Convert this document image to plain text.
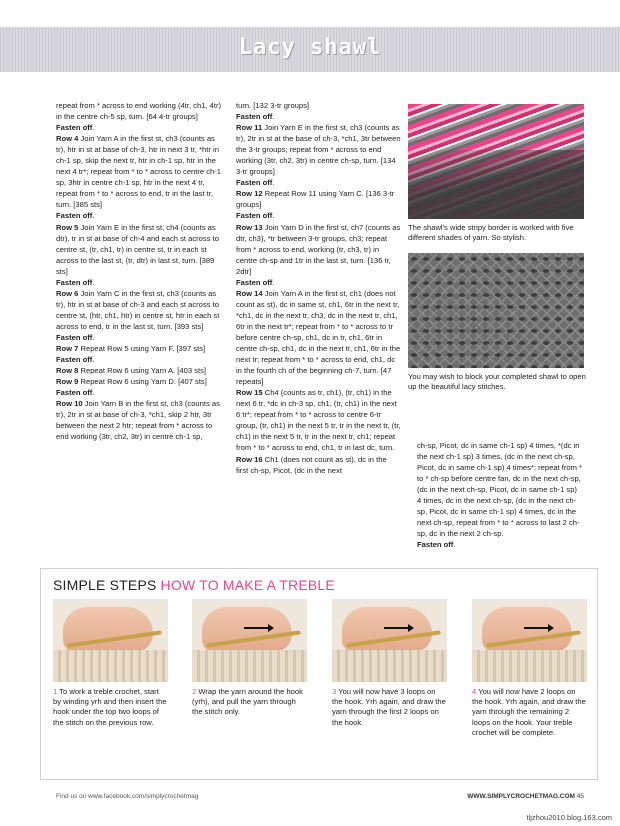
Lacy shawl

repeat from * across to end working (4tr, ch1, 4tr) in the centre ch-5 sp, turn. [64 4-tr groups]

Fasten off.

Row 4 Join Yarn A in the first st, ch3 (counts as tr), htr in st at base of ch-3, htr in next 3 tr, *htr in ch-1 sp, skip the next tr, htr in ch-1 sp, htr in the next 4 tr*; repeat from * to * across to centre ch-1 sp, 3htr in centre ch-1 sp, htr in the next 4 tr, repeat from * to * across to end, tr in the last tr, turn. [385 sts]

Fasten off.

Row 5 Join Yarn E in the first st, ch4 (counts as dtr), tr in st at base of ch-4 and each st across to centre st, (tr, ch1, tr) in centre st, tr in each st across to the last st, (tr, dtr) in last st, turn. [389 sts]

Fasten off.

Row 6 Join Yarn C in the first st, ch3 (counts as tr), htr in st at base of ch-3 and each st across to centre st, (htr, ch1, htr) in centre st, htr in each st across to end, tr in the last st, turn. [393 sts]

Fasten off.

Row 7 Repeat Row 5 using Yarn F. [397 sts]

Fasten off.

Row 8 Repeat Row 6 using Yarn A. [403 sts]

Row 9 Repeat Row 6 using Yarn D. [407 sts]

Fasten off.

Row 10 Join Yarn B in the first st, ch3 (counts as tr), 2tr in st at base of ch-3, *ch1, skip 2 htr, 3tr between the next 2 htr; repeat from * across to end working (3tr, ch2, 3tr) in centre ch-1 sp,

turn. [132 3-tr groups]

Fasten off.

Row 11 Join Yarn E in the first st, ch3 (counts as tr), 2tr in st at the base of ch-3, *ch1, 3tr between the 3-tr groups; repeat from * across to end working (3tr, ch2, 3tr) in centre ch-sp, turn. [134 3-tr groups]

Fasten off.

Row 12 Repeat Row 11 using Yarn C. [136 3-tr groups]

Fasten off.

Row 13 Join Yarn D in the first st, ch7 (counts as dtr, ch3), *tr between 3-tr groups, ch3; repeat from * across to end, working (tr, ch3, tr) in centre ch-sp and 1tr in the last st, turn. [136 tr, 2dtr]

Fasten off.

Row 14 Join Yarn A in the first st, ch1 (does not count as st), dc in same st, ch1, 6tr in the next tr, *ch1, dc in the next tr, ch3, dc in the next tr, ch1, 6tr in the next tr*; repeat from * to * across to tr before centre ch-sp, ch1, dc in tr, ch1, 6tr in centre ch-sp, ch1, dc in the next tr, ch1, 6tr in the next tr; repeat from * to * across to end, ch1, dc in the fourth ch of the beginning ch-7, turn. [47 repeats]

Row 15 Ch4 (counts as tr, ch1), (tr, ch1) in the next 6 tr, *dc in ch-3 sp, ch1, (tr, ch1) in the next 6 tr*; repeat from * to * across to centre 6-tr group, (tr, ch1) in the next 5 tr, tr in the next tr, (tr, ch1) in the next 5 tr, tr in the next tr, ch1; repeat from * to * across to end, ch1, tr in last dc, turn.

Row 16 Ch1 (does not count as st), dc in the first ch-sp, Picot, (dc in the next

ch-sp, Picot, dc in same ch-1 sp) 4 times, *(dc in the next ch-1 sp) 3 times, (dc in the next ch-sp, Picot, dc in same ch-1 sp) 4 times*; repeat from * to * ch-sp before centre fan, dc in the next ch-sp, (dc in the next ch-sp, Picot, dc in same ch-1 sp) 4 times, dc in the next ch-sp, (dc in the next ch-sp, Picot, dc in same ch-1 sp) 4 times, dc in the next ch-sp, repeat from * to * across to last 2 ch-sp, dc in the next 2 ch-sp.

Fasten off.

The shawl's wide stripy border is worked with five different shades of yarn. So stylish.
You may wish to block your completed shawl to open up the beautiful lacy stitches.
SIMPLE STEPS HOW TO MAKE A TREBLE
1 To work a treble crochet, start by winding yrh and then insert the hook under the top two loops of the stitch on the previous row.
2 Wrap the yarn around the hook (yrh), and pull the yarn through the stitch only.
3 You will now have 3 loops on the hook. Yrh again, and draw the yarn through the first 2 loops on the hook.
4 You will now have 2 loops on the hook. Yrh again, and draw the yarn through the remaining 2 loops on the hook. Your treble crochet will be complete.
Find us on www.facebook.com/simplycrochetmag	WWW.SIMPLYCROCHETMAG.COM 45
tljzhou2010.blog.163.com
